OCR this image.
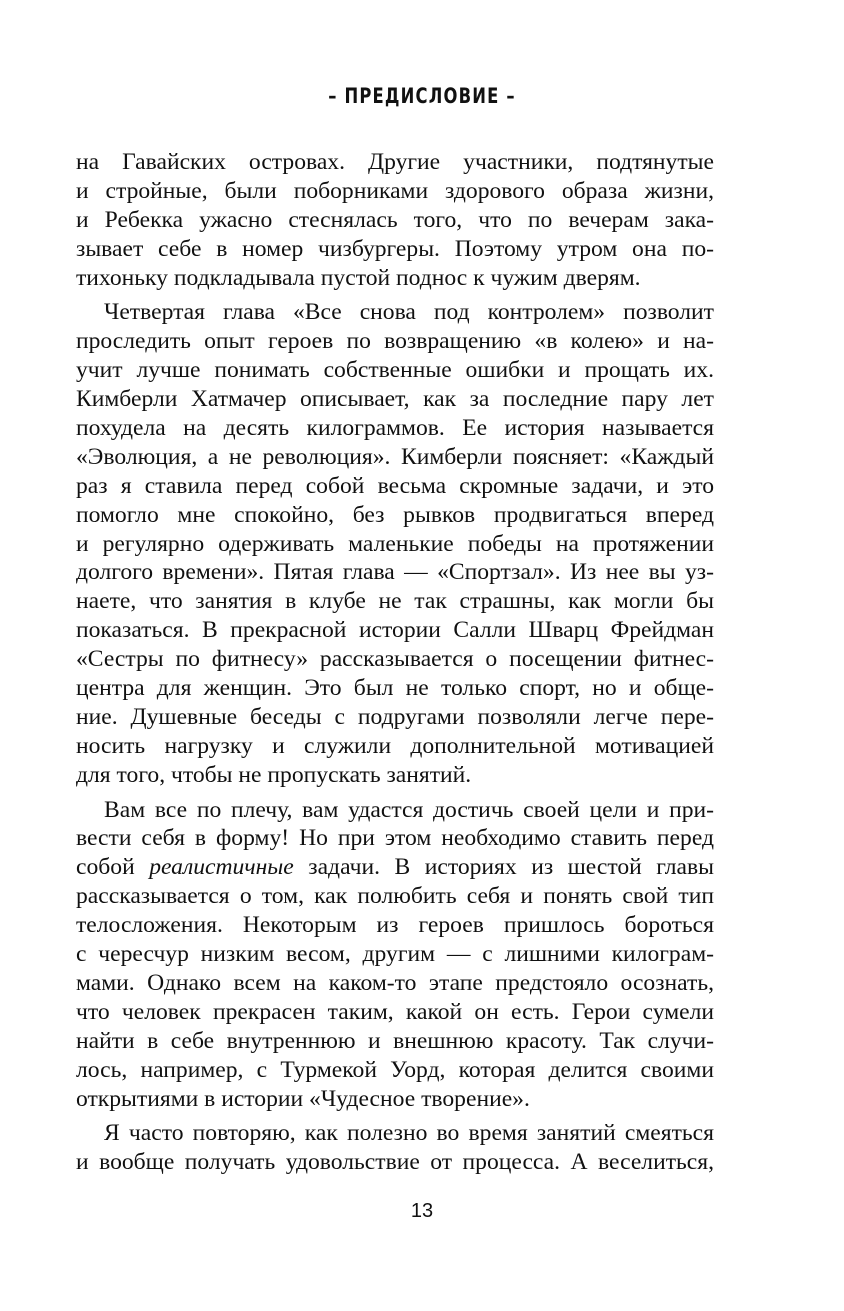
– ПРЕДИСЛОВИЕ –
на Гавайских островах. Другие участники, подтянутые
и стройные, были поборниками здорового образа жизни,
и Ребекка ужасно стеснялась того, что по вечерам зака-
зывает себе в номер чизбургеры. Поэтому утром она по-
тихоньку подкладывала пустой поднос к чужим дверям.
Четвертая глава «Все снова под контролем» позволит
проследить опыт героев по возвращению «в колею» и на-
учит лучше понимать собственные ошибки и прощать их.
Кимберли Хатмачер описывает, как за последние пару лет
похудела на десять килограммов. Ее история называется
«Эволюция, а не революция». Кимберли поясняет: «Каждый
раз я ставила перед собой весьма скромные задачи, и это
помогло мне спокойно, без рывков продвигаться вперед
и регулярно одерживать маленькие победы на протяжении
долгого времени». Пятая глава — «Спортзал». Из нее вы уз-
наете, что занятия в клубе не так страшны, как могли бы
показаться. В прекрасной истории Салли Шварц Фрейдман
«Сестры по фитнесу» рассказывается о посещении фитнес-
центра для женщин. Это был не только спорт, но и обще-
ние. Душевные беседы с подругами позволяли легче пере-
носить нагрузку и служили дополнительной мотивацией
для того, чтобы не пропускать занятий.
Вам все по плечу, вам удастся достичь своей цели и при-
вести себя в форму! Но при этом необходимо ставить перед
собой реалистичные задачи. В историях из шестой главы
рассказывается о том, как полюбить себя и понять свой тип
телосложения. Некоторым из героев пришлось бороться
с чересчур низким весом, другим — с лишними килограм-
мами. Однако всем на каком-то этапе предстояло осознать,
что человек прекрасен таким, какой он есть. Герои сумели
найти в себе внутреннюю и внешнюю красоту. Так случи-
лось, например, с Турмекой Уорд, которая делится своими
открытиями в истории «Чудесное творение».
Я часто повторяю, как полезно во время занятий смеяться
и вообще получать удовольствие от процесса. А веселиться,
13
